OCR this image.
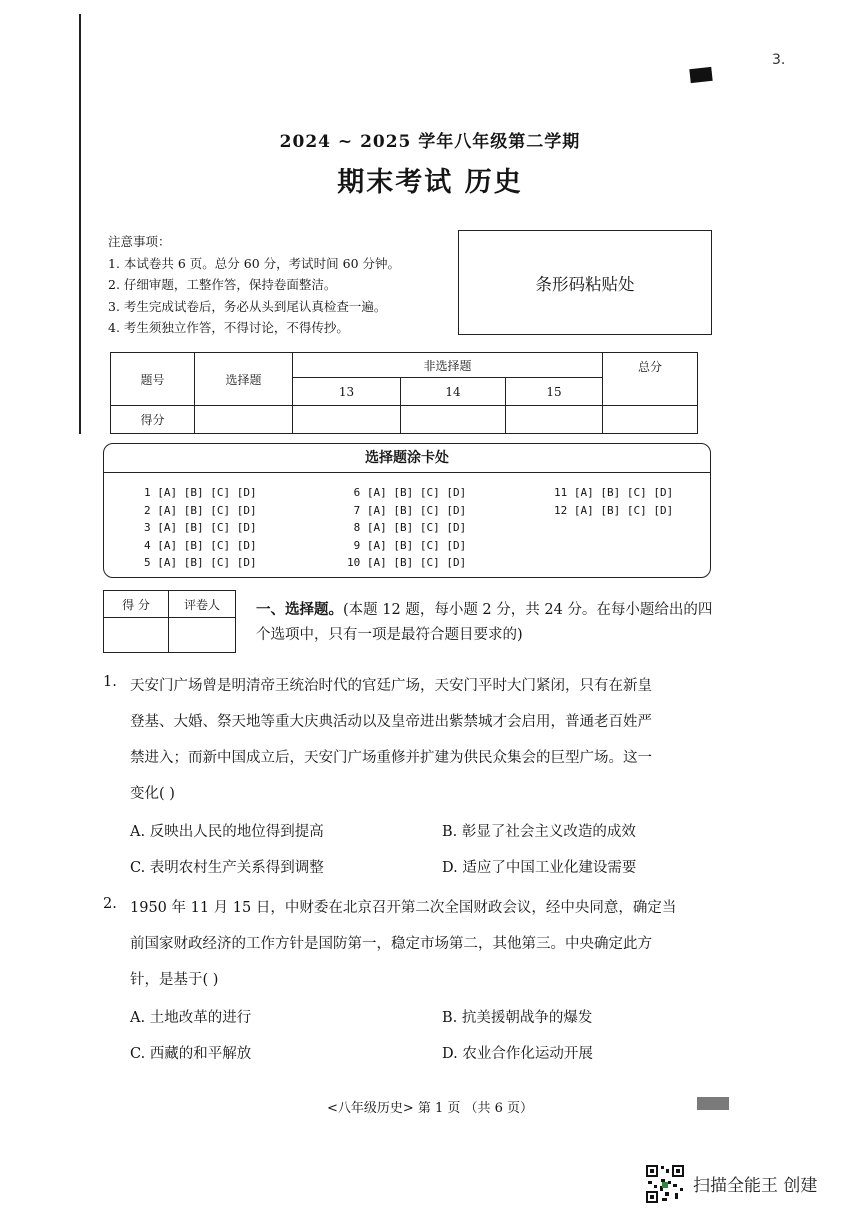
3.
2024 ~ 2025 学年八年级第二学期
期末考试 历史
注意事项：
1. 本试卷共 6 页。总分 60 分，考试时间 60 分钟。
2. 仔细审题，工整作答，保持卷面整洁。
3. 考生完成试卷后，务必从头到尾认真检查一遍。
4. 考生须独立作答，不得讨论，不得传抄。
条形码粘贴处
题号	选择题	非选择题			总分
		13	14	15	
得分					
选择题涂卡处
1 [A] [B] [C] [D]
2 [A] [B] [C] [D]
3 [A] [B] [C] [D]
4 [A] [B] [C] [D]
5 [A] [B] [C] [D]
6 [A] [B] [C] [D]
7 [A] [B] [C] [D]
8 [A] [B] [C] [D]
9 [A] [B] [C] [D]
10 [A] [B] [C] [D]
11 [A] [B] [C] [D]
12 [A] [B] [C] [D]
得 分	评卷人
	一、选择题。(本题 12 题，每小题 2 分，共 24 分。在每小题给出的四个选项中，只有一项是最符合题目要求的)
1. 天安门广场曾是明清帝王统治时代的官廷广场，天安门平时大门紧闭，只有在新皇
登基、大婚、祭天地等重大庆典活动以及皇帝进出紫禁城才会启用，普通老百姓严
禁进入；而新中国成立后，天安门广场重修并扩建为供民众集会的巨型广场。这一
变化( )
A. 反映出人民的地位得到提高	B. 彰显了社会主义改造的成效
C. 表明农村生产关系得到调整	D. 适应了中国工业化建设需要
2. 1950 年 11 月 15 日，中财委在北京召开第二次全国财政会议，经中央同意，确定当
前国家财政经济的工作方针是国防第一，稳定市场第二，其他第三。中央确定此方
针，是基于( )
A. 土地改革的进行	B. 抗美援朝战争的爆发
C. 西藏的和平解放	D. 农业合作化运动开展
<八年级历史> 第 1 页 （共 6 页）
扫描全能王 创建
